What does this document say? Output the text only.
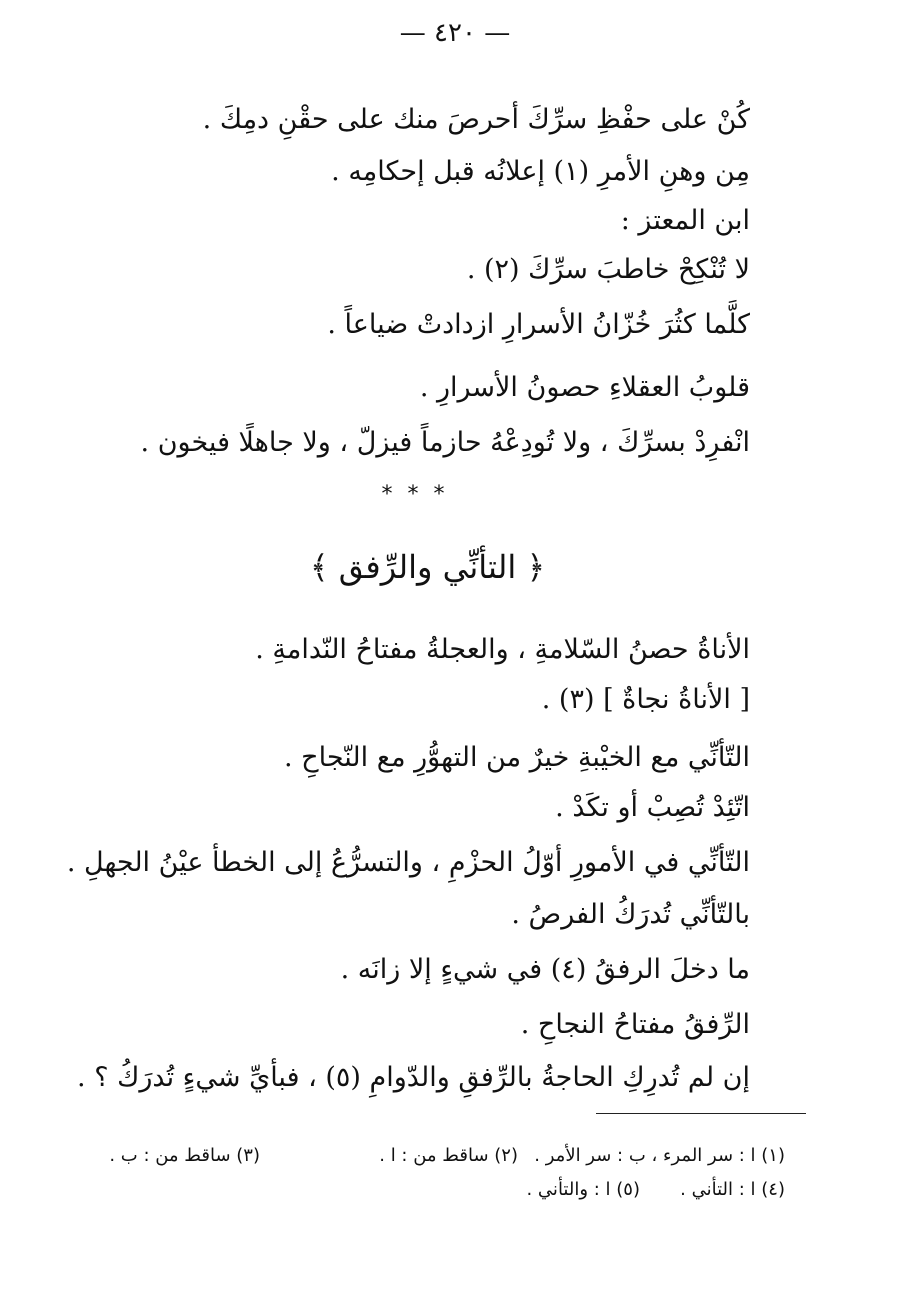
— ٤٢٠ —
كُنْ على حفْظِ سرِّكَ أحرصَ منك على حقْنِ دمِكَ .
مِن وهنِ الأمرِ (١) إعلانُه قبل إحكامِه .
ابن المعتز :
لا تُنْكِحْ خاطبَ سرِّكَ (٢) .
كلَّما كثُرَ خُزّانُ الأسرارِ ازدادتْ ضياعاً .
قلوبُ العقلاءِ حصونُ الأسرارِ .
انْفرِدْ بسرِّكَ ، ولا تُودِعْهُ حازماً فيزلّ ، ولا جاهلًا فيخون .
* * *
﴿ التأنِّي والرِّفق ﴾
الأناةُ حصنُ السّلامةِ ، والعجلةُ مفتاحُ النّدامةِ .
[ الأناةُ نجاةٌ ] (٣) .
التّأنِّي مع الخيْبةِ خيرٌ من التهوُّرِ مع النّجاحِ .
اتّئِدْ تُصِبْ أو تكَدْ .
التّأنِّي في الأمورِ أوّلُ الحزْمِ ، والتسرُّعُ إلى الخطأ عيْنُ الجهلِ .
بالتّأنِّي تُدرَكُ الفرصُ .
ما دخلَ الرفقُ (٤) في شيءٍ إلا زانَه .
الرِّفقُ مفتاحُ النجاحِ .
إن لم تُدرِكِ الحاجةُ بالرِّفقِ والدّوامِ (٥) ، فبأيِّ شيءٍ تُدرَكُ ؟ .
(١) ا : سر المرء ، ب : سر الأمر .
(٢) ساقط من : ا .
(٣) ساقط من : ب .
(٤) ا : التأني .
(٥) ا : والتأني .
